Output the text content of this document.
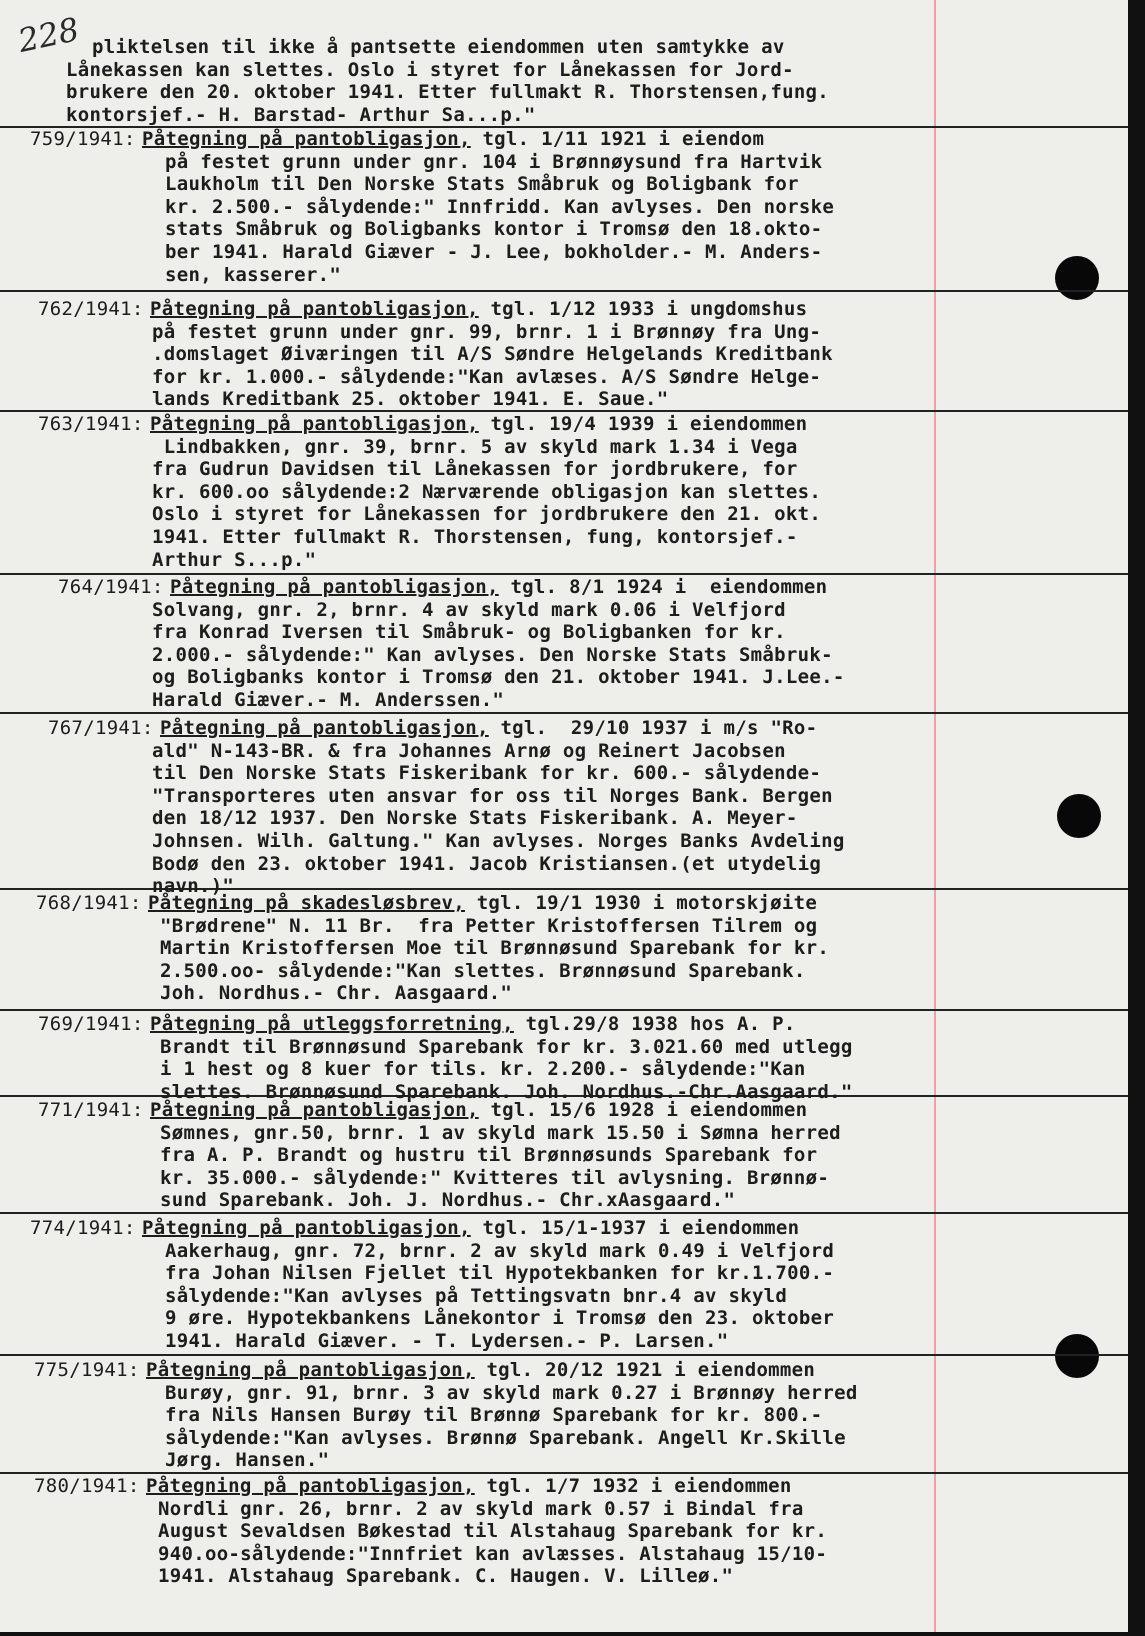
228 pliktelsen til ikke å pantsette eiendommen uten samtykke av
Lånekassen kan slettes. Oslo i styret for Lånekassen for Jord-
brukere den 20. oktober 1941. Etter fullmakt R. Thorstensen,fung.
kontorsjef.- H. Barstad- Arthur Sa...p."
759/1941: Påtegning på pantobligasjon, tgl. 1/11 1921 i eiendom
på festet grunn under gnr. 104 i Brønnøysund fra Hartvik
Laukholm til Den Norske Stats Småbruk og Boligbank for
kr. 2.500.- sålydende:" Innfridd. Kan avlyses. Den norske
stats Småbruk og Boligbanks kontor i Tromsø den 18.okto-
ber 1941. Harald Giæver - J. Lee, bokholder.- M. Anders-
sen, kasserer."
762/1941: Påtegning på pantobligasjon, tgl. 1/12 1933 i ungdomshus
på festet grunn under gnr. 99, brnr. 1 i Brønnøy fra Ung-
.domslaget Øiværingen til A/S Søndre Helgelands Kreditbank
for kr. 1.000.- sålydende:"Kan avlæses. A/S Søndre Helge-
lands Kreditbank 25. oktober 1941. E. Saue."
763/1941: Påtegning på pantobligasjon, tgl. 19/4 1939 i eiendommen
Lindbakken, gnr. 39, brnr. 5 av skyld mark 1.34 i Vega
fra Gudrun Davidsen til Lånekassen for jordbrukere, for
kr. 600.oo sålydende:2 Nærværende obligasjon kan slettes.
Oslo i styret for Lånekassen for jordbrukere den 21. okt.
1941. Etter fullmakt R. Thorstensen, fung, kontorsjef.-
Arthur S...p."
764/1941: Påtegning på pantobligasjon, tgl. 8/1 1924 i  eiendommen
Solvang, gnr. 2, brnr. 4 av skyld mark 0.06 i Velfjord
fra Konrad Iversen til Småbruk- og Boligbanken for kr.
2.000.- sålydende:" Kan avlyses. Den Norske Stats Småbruk-
og Boligbanks kontor i Tromsø den 21. oktober 1941. J.Lee.-
Harald Giæver.- M. Anderssen."
767/1941: Påtegning på pantobligasjon, tgl.  29/10 1937 i m/s "Ro-
ald" N-143-BR. & fra Johannes Arnø og Reinert Jacobsen
til Den Norske Stats Fiskeribank for kr. 600.- sålydende-
"Transporteres uten ansvar for oss til Norges Bank. Bergen
den 18/12 1937. Den Norske Stats Fiskeribank. A. Meyer-
Johnsen. Wilh. Galtung." Kan avlyses. Norges Banks Avdeling
Bodø den 23. oktober 1941. Jacob Kristiansen.(et utydelig
navn.)"
768/1941: Påtegning på skadesløsbrev, tgl. 19/1 1930 i motorskjøite
"Brødrene" N. 11 Br.  fra Petter Kristoffersen Tilrem og
Martin Kristoffersen Moe til Brønnøsund Sparebank for kr.
2.500.oo- sålydende:"Kan slettes. Brønnøsund Sparebank.
Joh. Nordhus.- Chr. Aasgaard."
769/1941: Påtegning på utleggsforretning, tgl.29/8 1938 hos A. P.
Brandt til Brønnøsund Sparebank for kr. 3.021.60 med utlegg
i 1 hest og 8 kuer for tils. kr. 2.200.- sålydende:"Kan
slettes. Brønnøsund Sparebank. Joh. Nordhus.-Chr.Aasgaard."
771/1941: Påtegning på pantobligasjon, tgl. 15/6 1928 i eiendommen
Sømnes, gnr.50, brnr. 1 av skyld mark 15.50 i Sømna herred
fra A. P. Brandt og hustru til Brønnøsunds Sparebank for
kr. 35.000.- sålydende:" Kvitteres til avlysning. Brønnø-
sund Sparebank. Joh. J. Nordhus.- Chr.xAasgaard."
774/1941: Påtegning på pantobligasjon, tgl. 15/1-1937 i eiendommen
Aakerhaug, gnr. 72, brnr. 2 av skyld mark 0.49 i Velfjord
fra Johan Nilsen Fjellet til Hypotekbanken for kr.1.700.-
sålydende:"Kan avlyses på Tettingsvatn bnr.4 av skyld
9 øre. Hypotekbankens Lånekontor i Tromsø den 23. oktober
1941. Harald Giæver. - T. Lydersen.- P. Larsen."
775/1941: Påtegning på pantobligasjon, tgl. 20/12 1921 i eiendommen
Burøy, gnr. 91, brnr. 3 av skyld mark 0.27 i Brønnøy herred
fra Nils Hansen Burøy til Brønnø Sparebank for kr. 800.-
sålydende:"Kan avlyses. Brønnø Sparebank. Angell Kr.Skille
Jørg. Hansen."
780/1941: Påtegning på pantobligasjon, tgl. 1/7 1932 i eiendommen
Nordli gnr. 26, brnr. 2 av skyld mark 0.57 i Bindal fra
August Sevaldsen Bøkestad til Alstahaug Sparebank for kr.
940.oo-sålydende:"Innfriet kan avlæsses. Alstahaug 15/10-
1941. Alstahaug Sparebank. C. Haugen. V. Lilleø."
